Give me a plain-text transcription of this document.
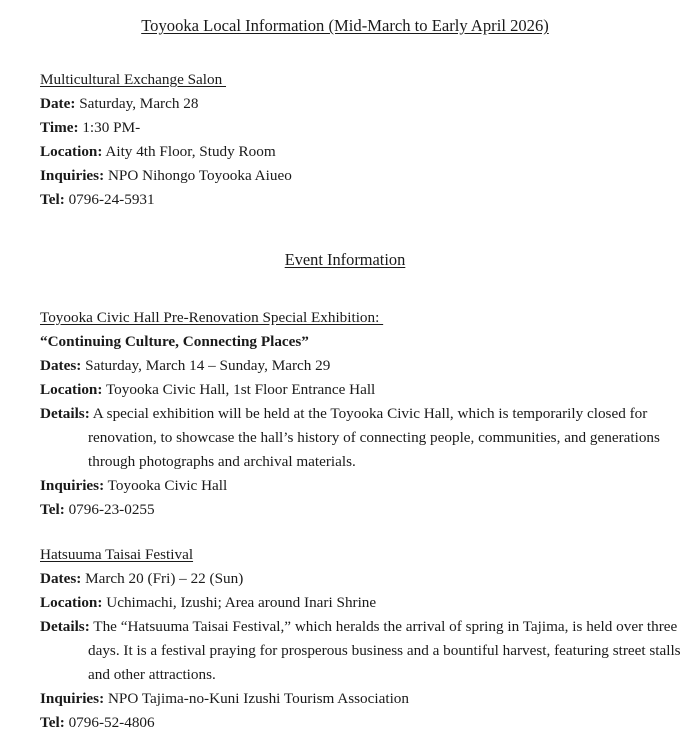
Toyooka Local Information (Mid-March to Early April 2026)

Multicultural Exchange Salon

Date: Saturday, March 28

Time: 1:30 PM-

Location: Aity 4th Floor, Study Room

Inquiries: NPO Nihongo Toyooka Aiueo

Tel: 0796-24-5931

Event Information

Toyooka Civic Hall Pre-Renovation Special Exhibition:

“Continuing Culture, Connecting Places”

Dates: Saturday, March 14 – Sunday, March 29

Location: Toyooka Civic Hall, 1st Floor Entrance Hall

Details: A special exhibition will be held at the Toyooka Civic Hall, which is temporarily closed for renovation, to showcase the hall’s history of connecting people, communities, and generations through photographs and archival materials.

Inquiries: Toyooka Civic Hall

Tel: 0796-23-0255

Hatsuuma Taisai Festival

Dates: March 20 (Fri) – 22 (Sun)

Location: Uchimachi, Izushi; Area around Inari Shrine

Details: The “Hatsuuma Taisai Festival,” which heralds the arrival of spring in Tajima, is held over three days. It is a festival praying for prosperous business and a bountiful harvest, featuring street stalls and other attractions.

Inquiries: NPO Tajima-no-Kuni Izushi Tourism Association

Tel: 0796-52-4806
